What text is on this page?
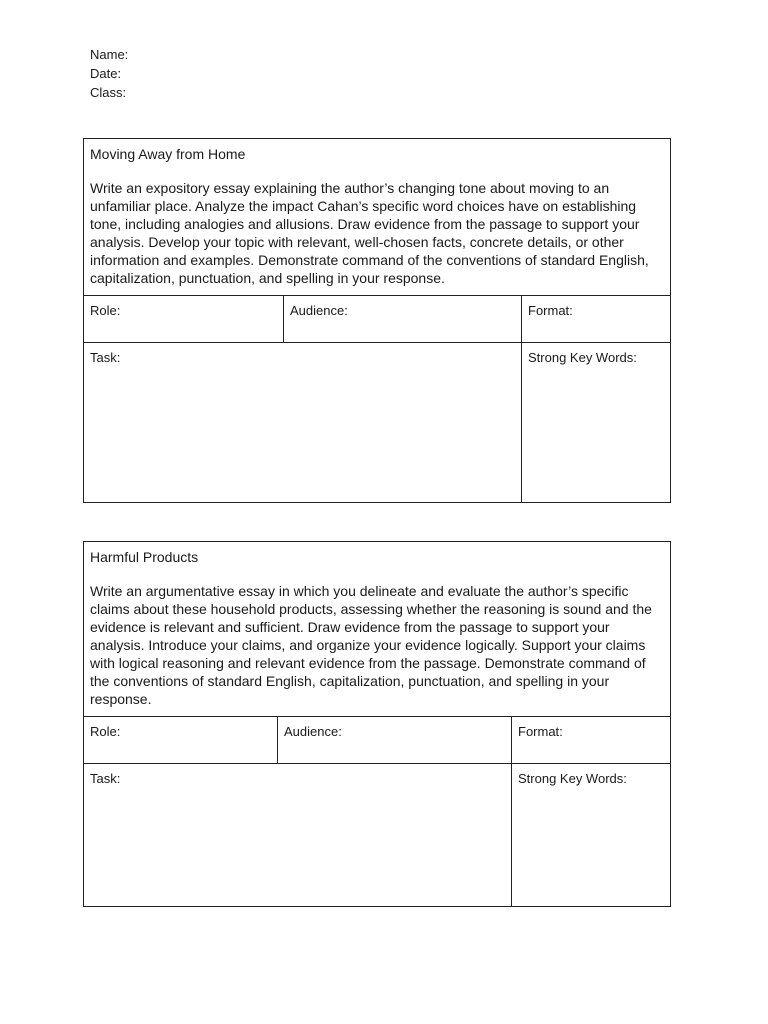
Name:
Date:
Class:

Moving Away from Home

Write an expository essay explaining the author’s changing tone about moving to an unfamiliar place. Analyze the impact Cahan’s specific word choices have on establishing tone, including analogies and allusions. Draw evidence from the passage to support your analysis. Develop your topic with relevant, well-chosen facts, concrete details, or other information and examples. Demonstrate command of the conventions of standard English, capitalization, punctuation, and spelling in your response.

Role:	Audience:	Format:
Task:	Strong Key Words:

Harmful Products

Write an argumentative essay in which you delineate and evaluate the author’s specific claims about these household products, assessing whether the reasoning is sound and the evidence is relevant and sufficient. Draw evidence from the passage to support your analysis. Introduce your claims, and organize your evidence logically. Support your claims with logical reasoning and relevant evidence from the passage. Demonstrate command of the conventions of standard English, capitalization, punctuation, and spelling in your response.

Role:	Audience:	Format:
Task:	Strong Key Words:
